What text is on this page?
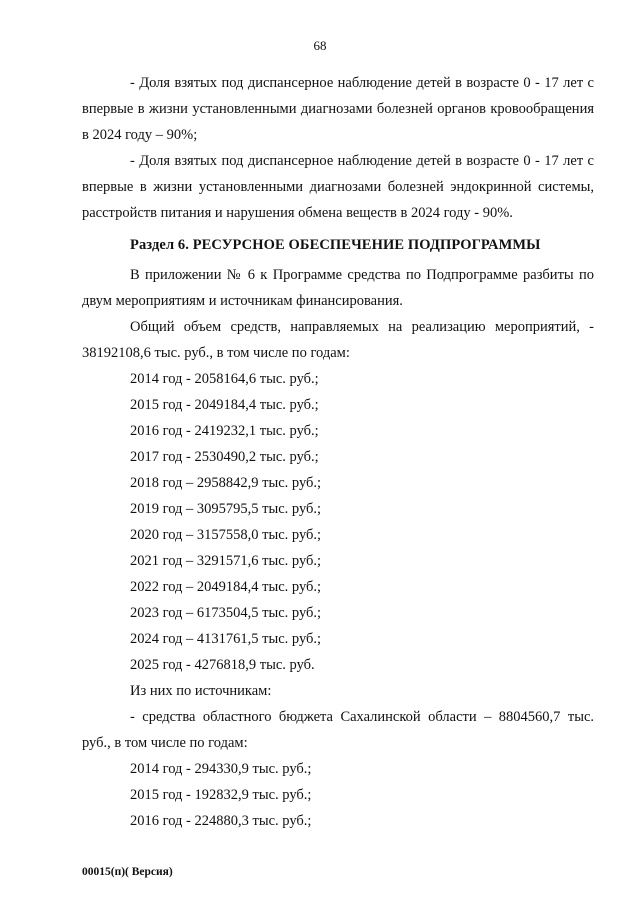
68

- Доля взятых под диспансерное наблюдение детей в возрасте 0 - 17 лет с впервые в жизни установленными диагнозами болезней органов кровообращения в 2024 году – 90%;

- Доля взятых под диспансерное наблюдение детей в возрасте 0 - 17 лет с впервые в жизни установленными диагнозами болезней эндокринной системы, расстройств питания и нарушения обмена веществ в 2024 году - 90%.

Раздел 6. РЕСУРСНОЕ ОБЕСПЕЧЕНИЕ ПОДПРОГРАММЫ

В приложении № 6 к Программе средства по Подпрограмме разбиты по двум мероприятиям и источникам финансирования.

Общий объем средств, направляемых на реализацию мероприятий, - 38192108,6 тыс. руб., в том числе по годам:

2014 год - 2058164,6 тыс. руб.;

2015 год - 2049184,4 тыс. руб.;

2016 год - 2419232,1 тыс. руб.;

2017 год - 2530490,2 тыс. руб.;

2018 год – 2958842,9 тыс. руб.;

2019 год – 3095795,5 тыс. руб.;

2020 год – 3157558,0 тыс. руб.;

2021 год – 3291571,6 тыс. руб.;

2022 год – 2049184,4 тыс. руб.;

2023 год – 6173504,5 тыс. руб.;

2024 год – 4131761,5 тыс. руб.;

2025 год - 4276818,9 тыс. руб.

Из них по источникам:

- средства областного бюджета Сахалинской области – 8804560,7 тыс. руб., в том числе по годам:

2014 год - 294330,9 тыс. руб.;

2015 год - 192832,9 тыс. руб.;

2016 год - 224880,3 тыс. руб.;

00015(п)( Версия)
